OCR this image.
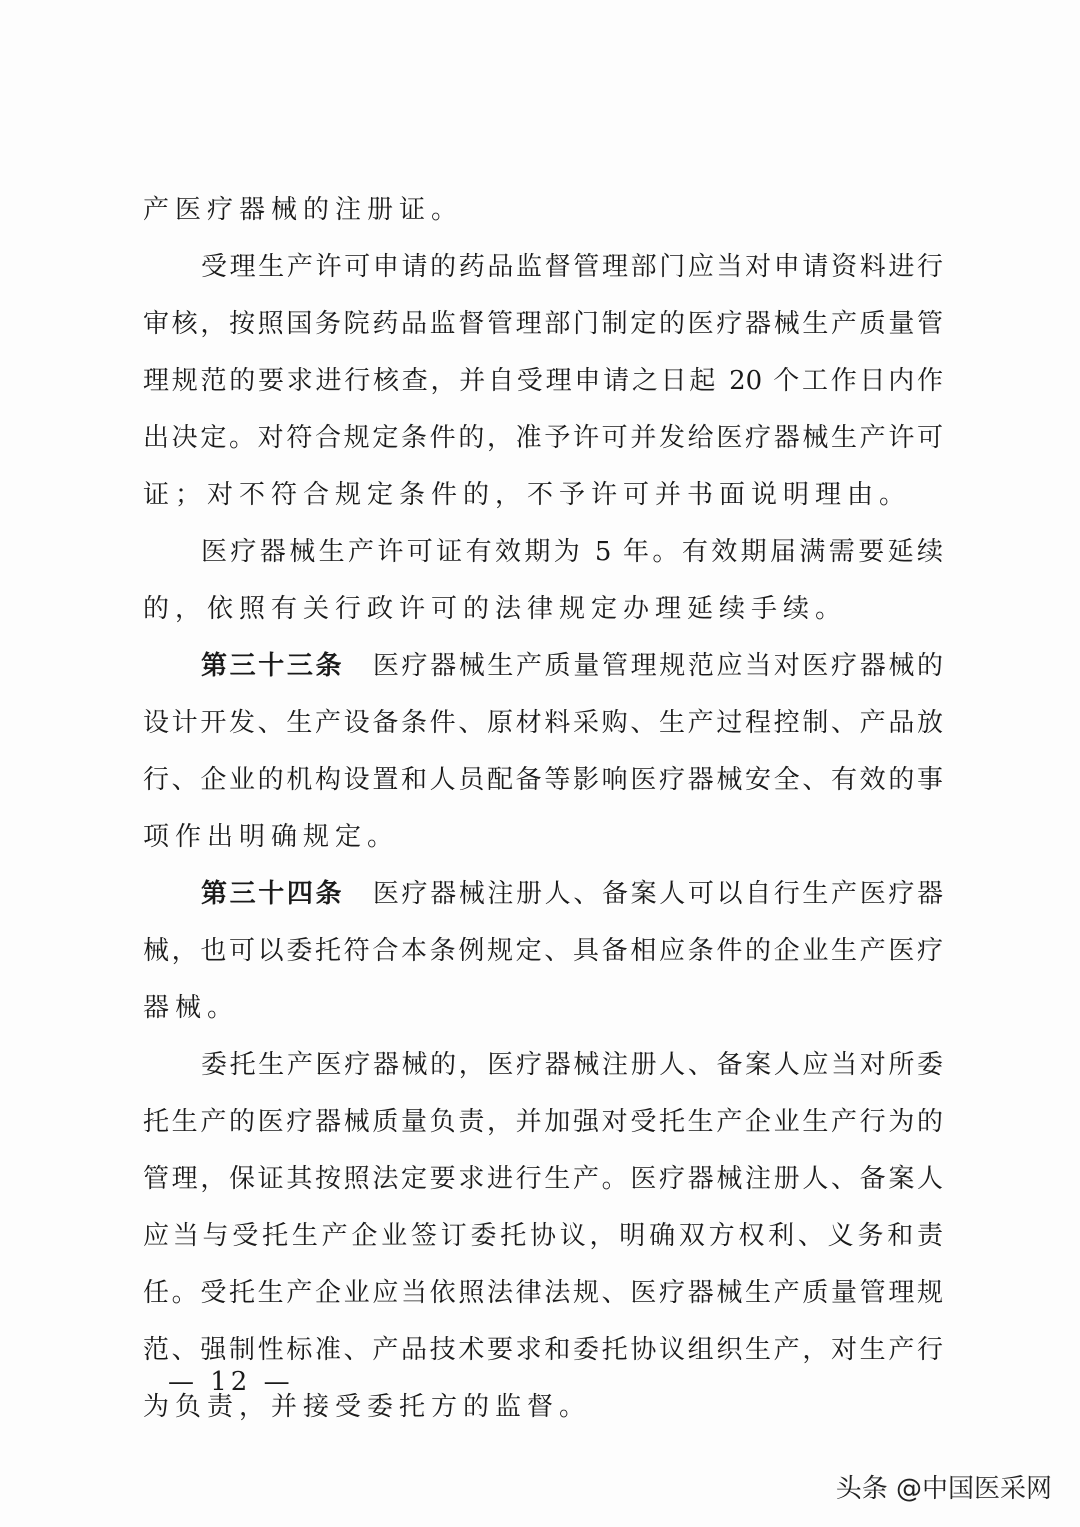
产医疗器械的注册证。
受理生产许可申请的药品监督管理部门应当对申请资料进行
审核，按照国务院药品监督管理部门制定的医疗器械生产质量管
理规范的要求进行核查，并自受理申请之日起 20 个工作日内作
出决定。对符合规定条件的，准予许可并发给医疗器械生产许可
证；对不符合规定条件的，不予许可并书面说明理由。
医疗器械生产许可证有效期为 5 年。有效期届满需要延续
的，依照有关行政许可的法律规定办理延续手续。
第三十三条 医疗器械生产质量管理规范应当对医疗器械的
设计开发、生产设备条件、原材料采购、生产过程控制、产品放
行、企业的机构设置和人员配备等影响医疗器械安全、有效的事
项作出明确规定。
第三十四条 医疗器械注册人、备案人可以自行生产医疗器
械，也可以委托符合本条例规定、具备相应条件的企业生产医疗
器械。
委托生产医疗器械的，医疗器械注册人、备案人应当对所委
托生产的医疗器械质量负责，并加强对受托生产企业生产行为的
管理，保证其按照法定要求进行生产。医疗器械注册人、备案人
应当与受托生产企业签订委托协议，明确双方权利、义务和责
任。受托生产企业应当依照法律法规、医疗器械生产质量管理规
范、强制性标准、产品技术要求和委托协议组织生产，对生产行
为负责，并接受委托方的监督。
— 12 —
头条 @中国医采网
